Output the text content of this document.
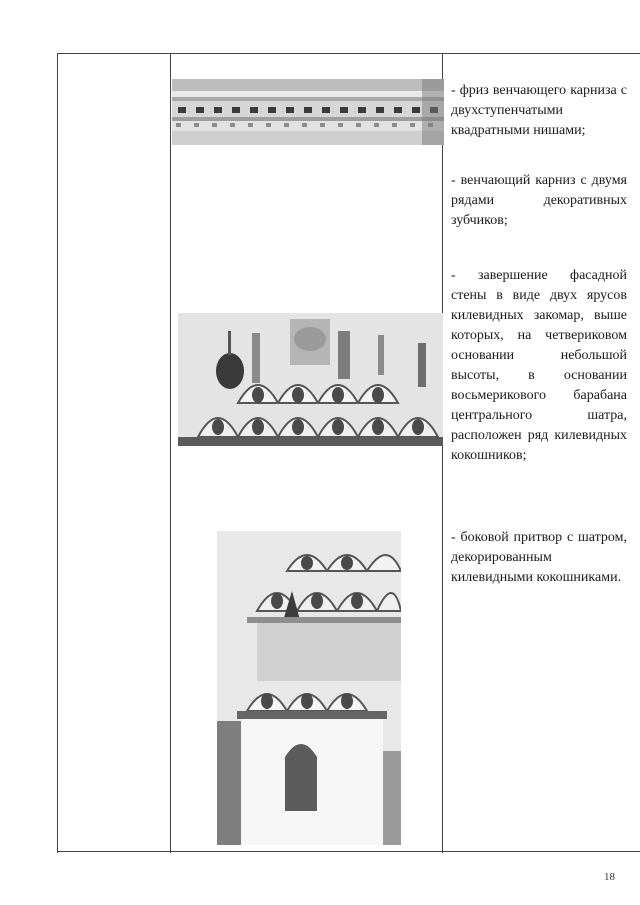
- фриз венчающего карниза с двухступенчатыми квадратными нишами;
- венчающий карниз с двумя рядами декоративных зубчиков;
- завершение фасадной стены в виде двух ярусов килевидных закомар, выше которых, на четвериковом основании небольшой высоты, в основании восьмерикового барабана центрального шатра, расположен ряд килевидных кокошников;
- боковой притвор с шатром, декорированным килевидными кокошниками.
18
